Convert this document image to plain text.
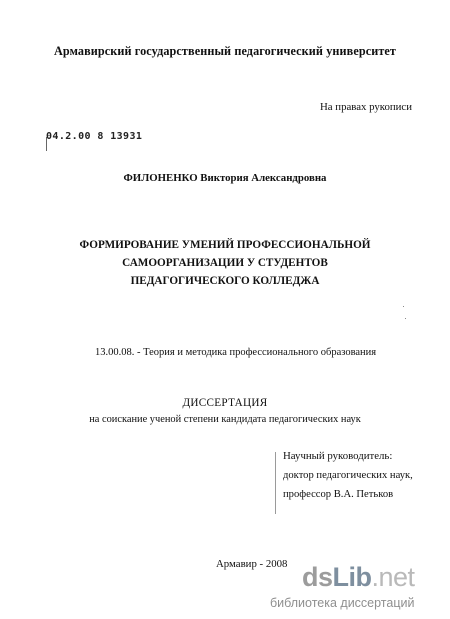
Армавирский государственный педагогический университет
На правах рукописи
04.2.00 8 13931
ФИЛОНЕНКО Виктория Александровна
ФОРМИРОВАНИЕ УМЕНИЙ ПРОФЕССИОНАЛЬНОЙ
САМООРГАНИЗАЦИИ У СТУДЕНТОВ
ПЕДАГОГИЧЕСКОГО КОЛЛЕДЖА
13.00.08. - Теория и методика профессионального образования
ДИССЕРТАЦИЯ
на соискание ученой степени кандидата педагогических наук
Научный руководитель:
доктор педагогических наук,
профессор В.А. Петьков
Армавир - 2008 dsLib.net
библиотека диссертаций
